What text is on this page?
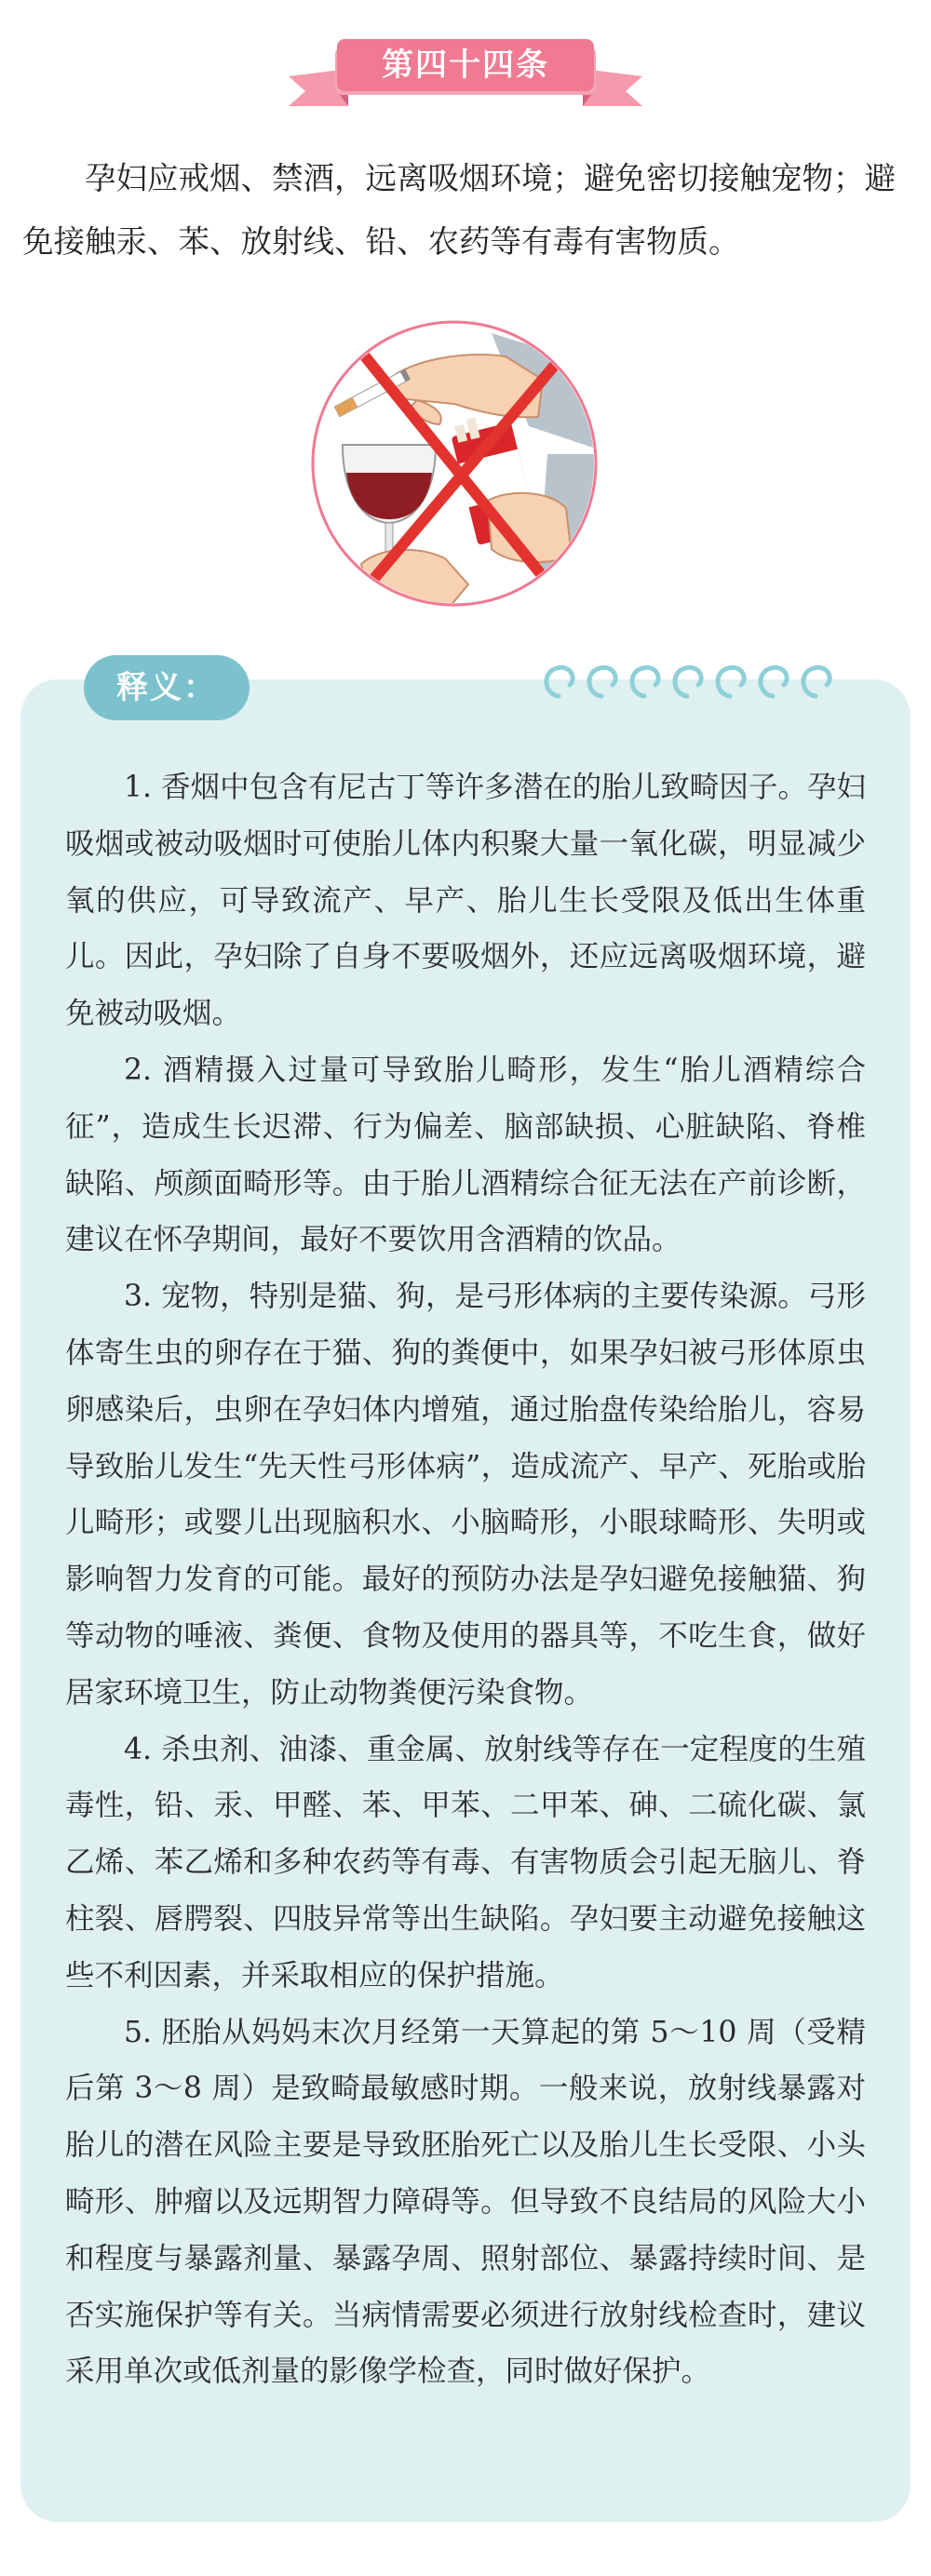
第四十四条
孕妇应戒烟、禁酒，远离吸烟环境；避免密切接触宠物；避免接触汞、苯、放射线、铅、农药等有毒有害物质。
释义：

1. 香烟中包含有尼古丁等许多潜在的胎儿致畸因子。孕妇吸烟或被动吸烟时可使胎儿体内积聚大量一氧化碳，明显减少氧的供应，可导致流产、早产、胎儿生长受限及低出生体重儿。因此，孕妇除了自身不要吸烟外，还应远离吸烟环境，避免被动吸烟。

2. 酒精摄入过量可导致胎儿畸形，发生“胎儿酒精综合征”，造成生长迟滞、行为偏差、脑部缺损、心脏缺陷、脊椎缺陷、颅颜面畸形等。由于胎儿酒精综合征无法在产前诊断，建议在怀孕期间，最好不要饮用含酒精的饮品。

3. 宠物，特别是猫、狗，是弓形体病的主要传染源。弓形体寄生虫的卵存在于猫、狗的粪便中，如果孕妇被弓形体原虫卵感染后，虫卵在孕妇体内增殖，通过胎盘传染给胎儿，容易导致胎儿发生“先天性弓形体病”，造成流产、早产、死胎或胎儿畸形；或婴儿出现脑积水、小脑畸形，小眼球畸形、失明或影响智力发育的可能。最好的预防办法是孕妇避免接触猫、狗等动物的唾液、粪便、食物及使用的器具等，不吃生食，做好居家环境卫生，防止动物粪便污染食物。

4. 杀虫剂、油漆、重金属、放射线等存在一定程度的生殖毒性，铅、汞、甲醛、苯、甲苯、二甲苯、砷、二硫化碳、氯乙烯、苯乙烯和多种农药等有毒、有害物质会引起无脑儿、脊柱裂、唇腭裂、四肢异常等出生缺陷。孕妇要主动避免接触这些不利因素，并采取相应的保护措施。

5. 胚胎从妈妈末次月经第一天算起的第 5～10 周（受精后第 3～8 周）是致畸最敏感时期。一般来说，放射线暴露对胎儿的潜在风险主要是导致胚胎死亡以及胎儿生长受限、小头畸形、肿瘤以及远期智力障碍等。但导致不良结局的风险大小和程度与暴露剂量、暴露孕周、照射部位、暴露持续时间、是否实施保护等有关。当病情需要必须进行放射线检查时，建议采用单次或低剂量的影像学检查，同时做好保护。
